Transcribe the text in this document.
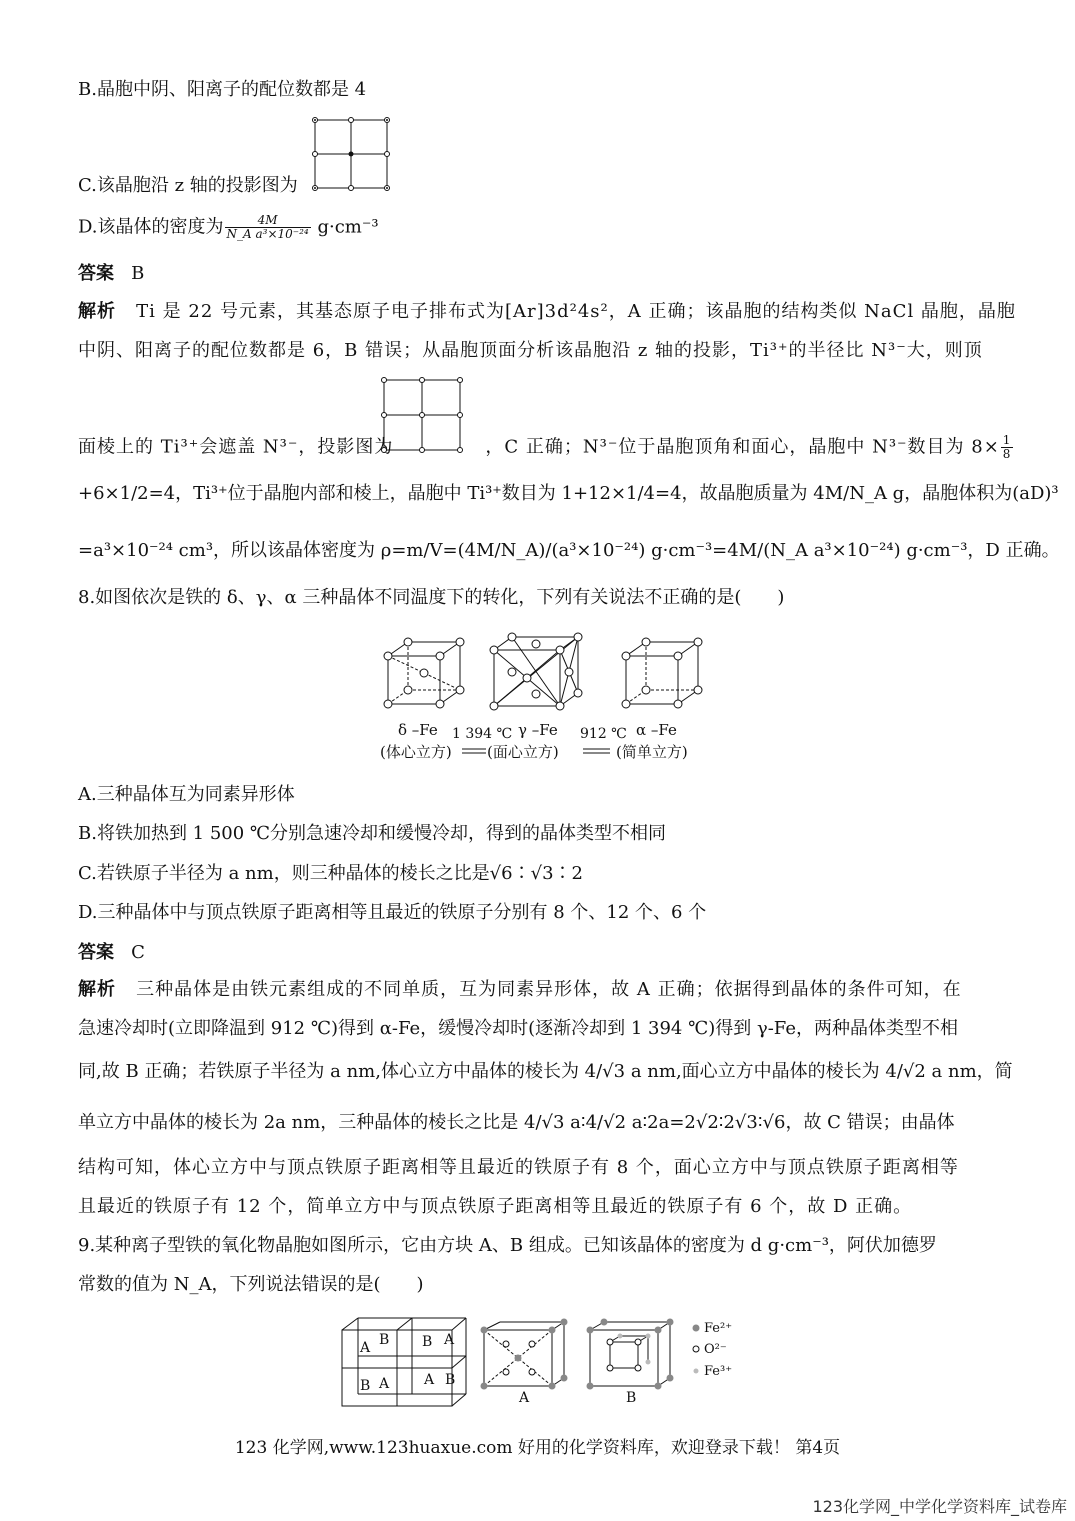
B.晶胞中阴、阳离子的配位数都是 4
C.该晶胞沿 z 轴的投影图为
D.该晶体的密度为 $\frac{4M}{\text{N\_A a³×10⁻²⁴}} g\cdot cm^{-3}$
答案 B
解析 Ti 是 22 号元素，其基态原子电子排布式为[Ar]3d²4s²，A 正确；该晶胞的结构类似 NaCl 晶胞，晶胞
中阴、阳离子的配位数都是 6，B 错误；从晶胞顶面分析该晶胞沿 z 轴的投影，Ti³⁺的半径比 N³⁻大，则顶
面棱上的 Ti³⁺会遮盖 N³⁻，投影图为	，C 正确；N³⁻位于晶胞顶角和面心，晶胞中 N³⁻数目为 $8\times \frac{1}{8}$
+6×1/2=4，Ti³⁺位于晶胞内部和棱上，晶胞中 Ti³⁺数目为 1+12×1/4=4，故晶胞质量为 4M/N_A g，晶胞体积为(aD)³
=a³×10⁻²⁴ cm³，所以该晶体密度为 ρ=m/V=(4M/N_A)/(a³×10⁻²⁴) g·cm⁻³=4M/(N_A a³×10⁻²⁴) g·cm⁻³，D 正确。
8.如图依次是铁的 δ、γ、α 三种晶体不同温度下的转化，下列有关说法不正确的是(　　)
δ –Fe 1 394 ℃ γ –Fe 912 ℃ α –Fe
(体心立方) (面心立方)	(简单立方)
A.三种晶体互为同素异形体
B.将铁加热到 1 500 ℃分别急速冷却和缓慢冷却，得到的晶体类型不相同
C.若铁原子半径为 a nm，则三种晶体的棱长之比是√6∶√3∶2
D.三种晶体中与顶点铁原子距离相等且最近的铁原子分别有 8 个、12 个、6 个
答案 C
解析 三种晶体是由铁元素组成的不同单质，互为同素异形体，故 A 正确；依据得到晶体的条件可知，在
急速冷却时(立即降温到 912 ℃)得到 α-Fe，缓慢冷却时(逐渐冷却到 1 394 ℃)得到 γ-Fe，两种晶体类型不相
同,故 B 正确；若铁原子半径为 a nm,体心立方中晶体的棱长为 4/√3 a nm,面心立方中晶体的棱长为 4/√2 a nm，简
单立方中晶体的棱长为 2a nm，三种晶体的棱长之比是 4/√3 a∶4/√2 a∶2a=2√2∶2√3∶√6，故 C 错误；由晶体
结构可知，体心立方中与顶点铁原子距离相等且最近的铁原子有 8 个，面心立方中与顶点铁原子距离相等
且最近的铁原子有 12 个，简单立方中与顶点铁原子距离相等且最近的铁原子有 6 个，故 D 正确。
9.某种离子型铁的氧化物晶胞如图所示，它由方块 A、B 组成。已知该晶体的密度为 d g·cm⁻³，阿伏加德罗
常数的值为 N_A，下列说法错误的是(　　)
A B B A
B A A B
A	B
Fe²⁺
O²⁻
Fe³⁺
123 化学网,www.123huaxue.com 好用的化学资料库，欢迎登录下载！ 第4页
123化学网_中学化学资料库_试卷库
